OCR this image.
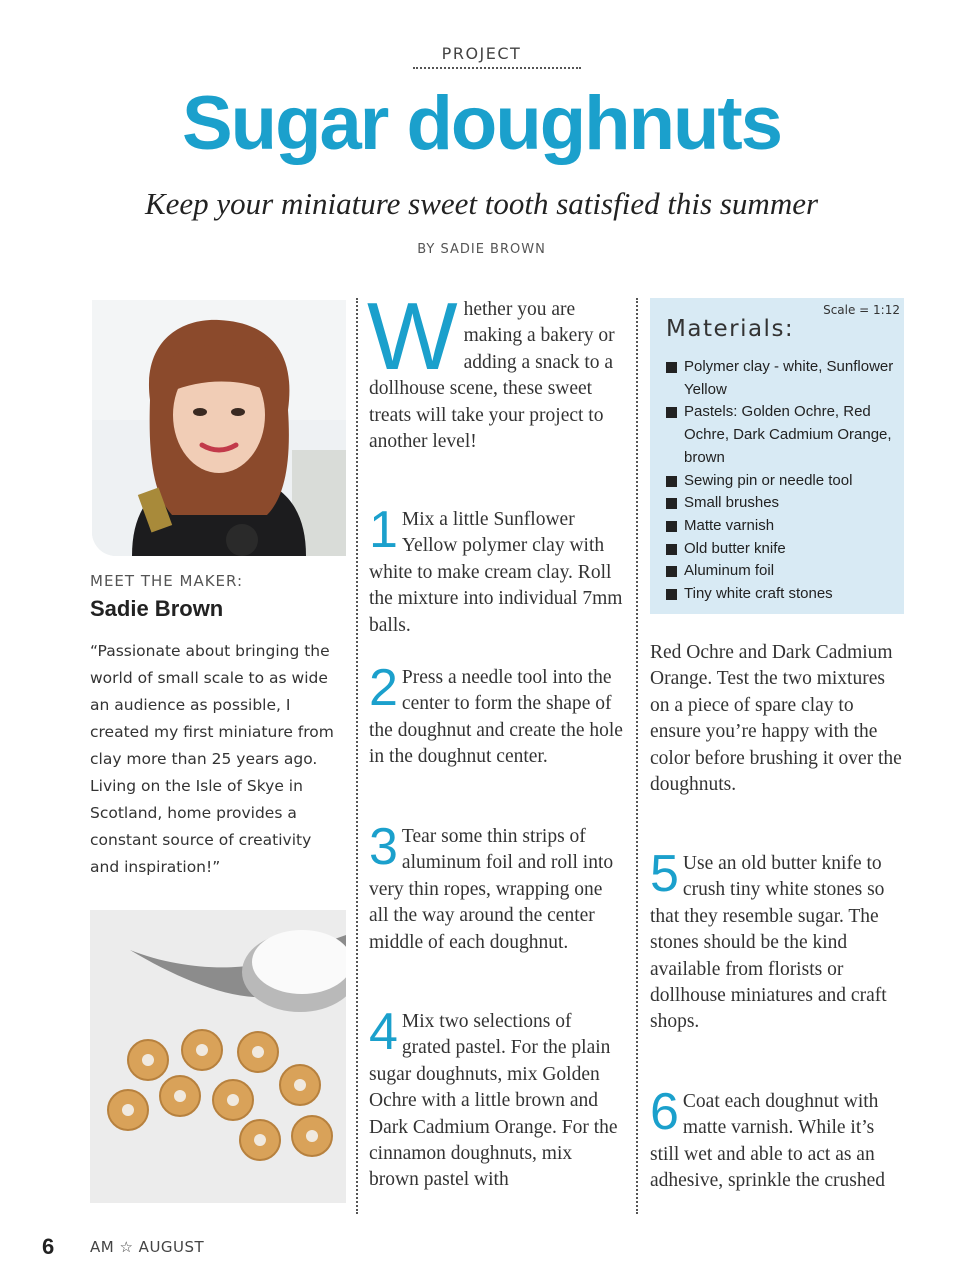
PROJECT
Sugar doughnuts
Keep your miniature sweet tooth satisfied this summer
BY SADIE BROWN
MEET THE MAKER:
Sadie Brown

“Passionate about bringing the world of small scale to as wide an audience as possible, I created my first miniature from clay more than 25 years ago. Living on the Isle of Skye in Scotland, home provides a constant source of creativity and inspiration!”

W hether you are making a bakery or adding a snack to a dollhouse scene, these sweet treats will take your project to another level!
1 Mix a little Sunflower Yellow polymer clay with white to make cream clay. Roll the mixture into individual 7mm balls.
2 Press a needle tool into the center to form the shape of the doughnut and create the hole in the doughnut center.
3 Tear some thin strips of aluminum foil and roll into very thin ropes, wrapping one all the way around the center middle of each doughnut.
4 Mix two selections of grated pastel. For the plain sugar doughnuts, mix Golden Ochre with a little brown and Dark Cadmium Orange. For the cinnamon doughnuts, mix brown pastel with
Scale = 1:12
Materials:
Polymer clay - white, Sunflower Yellow
Pastels: Golden Ochre, Red Ochre, Dark Cadmium Orange, brown
Sewing pin or needle tool
Small brushes
Matte varnish
Old butter knife
Aluminum foil
Tiny white craft stones
Red Ochre and Dark Cadmium Orange. Test the two mixtures on a piece of spare clay to ensure you’re happy with the color before brushing it over the doughnuts.
5 Use an old butter knife to crush tiny white stones so that they resemble sugar. The stones should be the kind available from florists or dollhouse miniatures and craft shops.
6 Coat each doughnut with matte varnish. While it’s still wet and able to act as an adhesive, sprinkle the crushed
6 AM ☆ AUGUST
